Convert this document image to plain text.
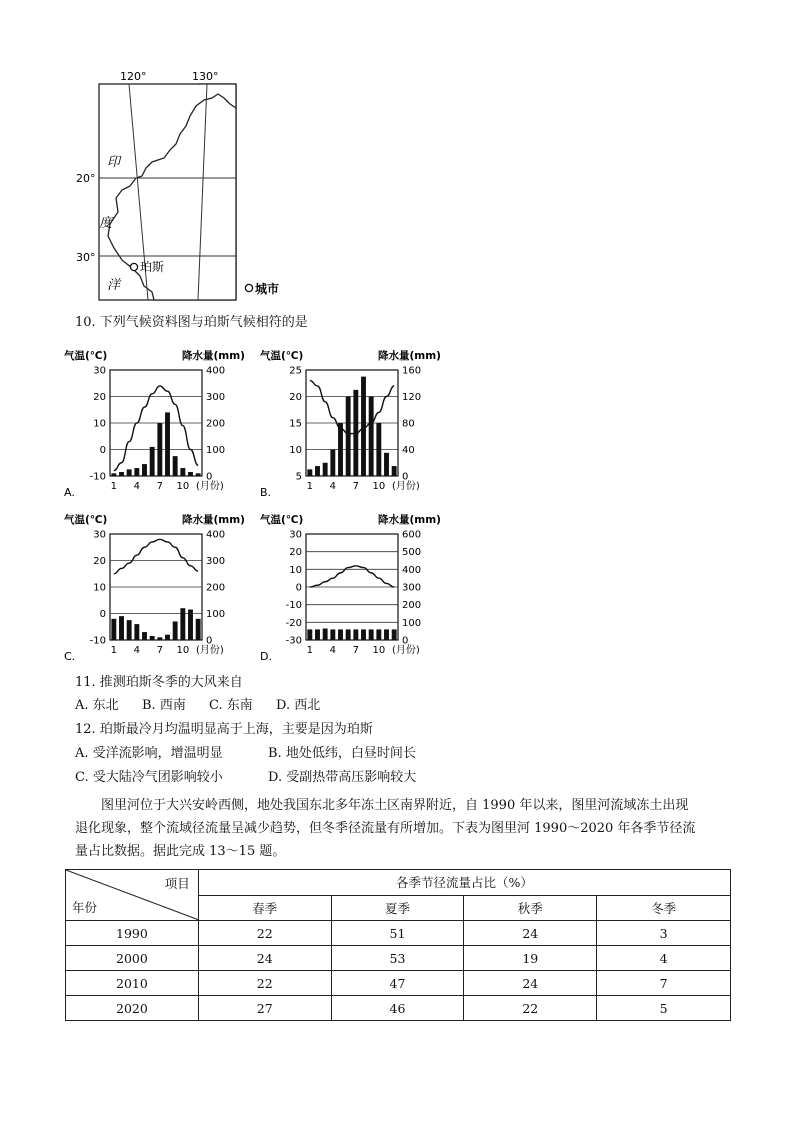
120°	130°
20°
30°
印
度
洋
珀斯
城市
10. 下列气候资料图与珀斯气候相符的是
气温(℃)	降水量(mm)
30	400
20	300
10	200
0	100
-10	0
1 4 7 10 (月份)
A.
气温(℃)	降水量(mm)
25	160
20	120
15	80
10	40
5	0
1 4 7 10 (月份)
B.
气温(℃)	降水量(mm)
30	400
20	300
10	200
0	100
-10	0
1 4 7 10 (月份)
C.
气温(℃)	降水量(mm)
30	600
20	500
10	400
0	300
-10	200
-20	100
-30	0
1 4 7 10 (月份)
D.
11. 推测珀斯冬季的大风来自
A. 东北 B. 西南 C. 东南 D. 西北
12. 珀斯最冷月均温明显高于上海，主要是因为珀斯
A. 受洋流影响，增温明显	B. 地处低纬，白昼时间长
C. 受大陆冷气团影响较小	D. 受副热带高压影响较大
图里河位于大兴安岭西侧，地处我国东北多年冻土区南界附近，自 1990 年以来，图里河流域冻土出现
退化现象，整个流域径流量呈减少趋势，但冬季径流量有所增加。下表为图里河 1990～2020 年各季节径流
量占比数据。据此完成 13～15 题。
项目
年份	各季节径流量占比（%）			
	春季	夏季	秋季	冬季
1990	22	51	24	3
2000	24	53	19	4
2010	22	47	24	7
2020	27	46	22	5
